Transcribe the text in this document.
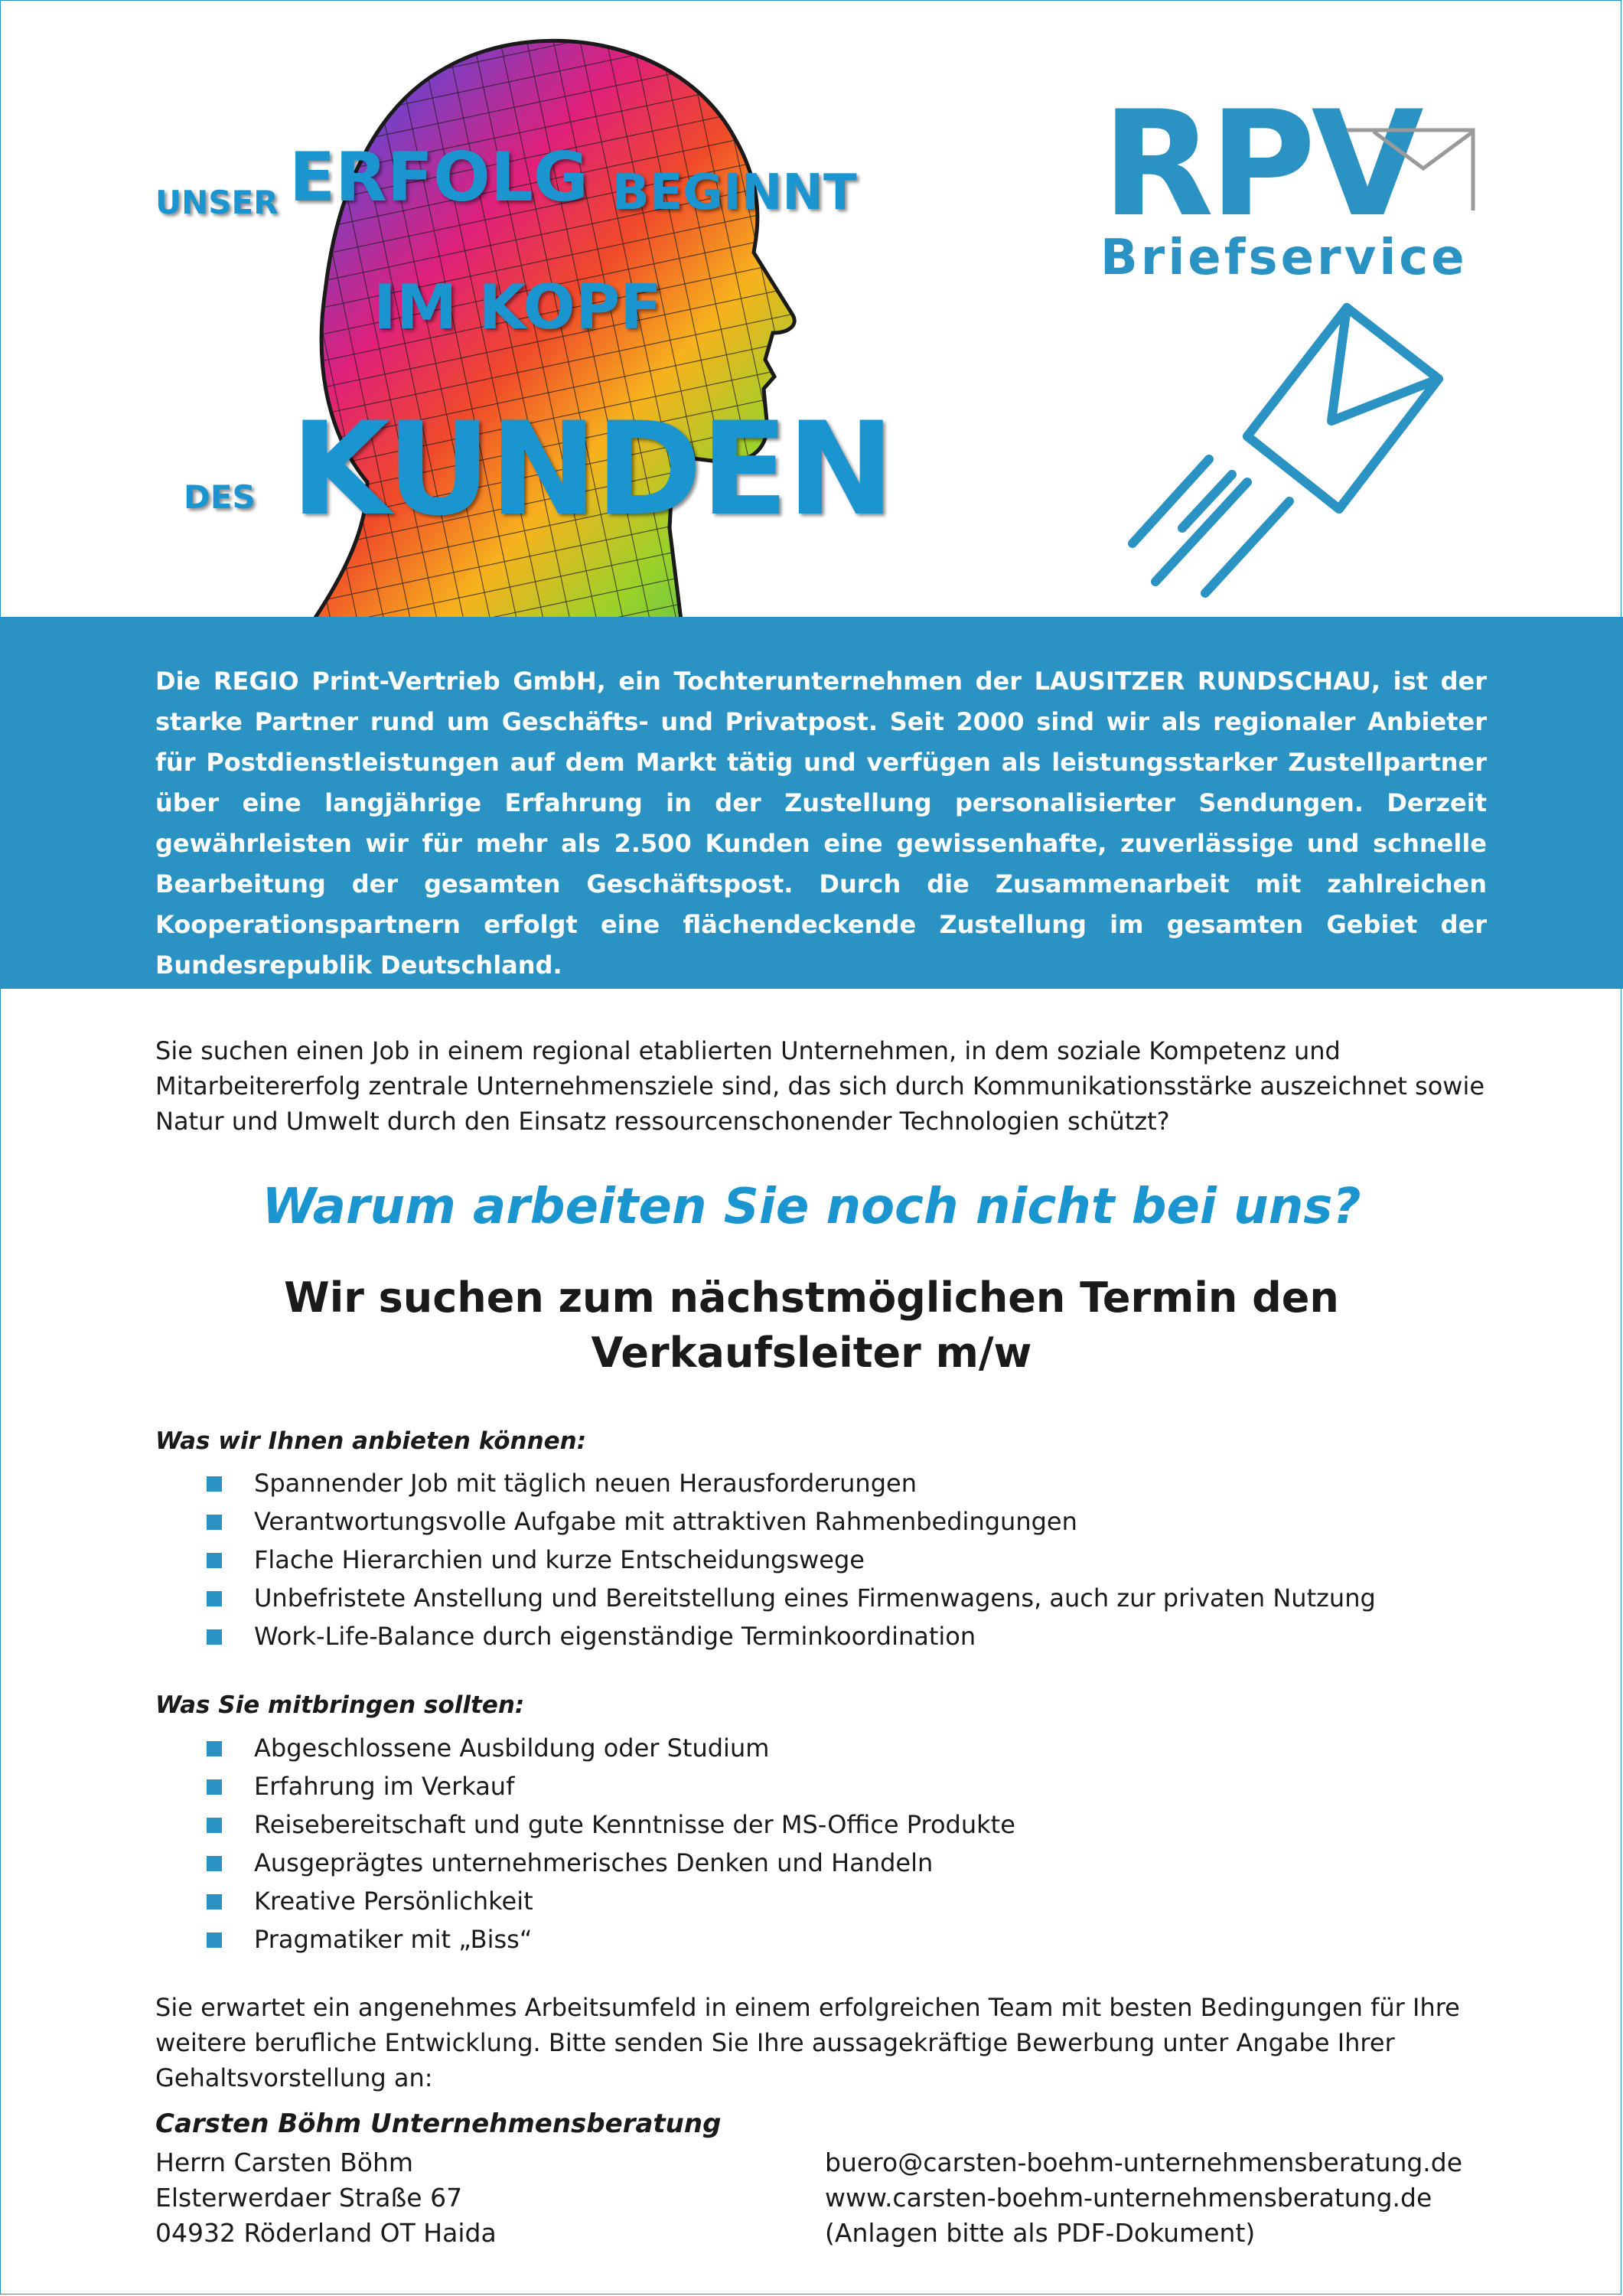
UNSER ERFOLG BEGINNT
IM KOPF
DES KUNDEN
RPV
Briefservice
Die REGIO Print-Vertrieb GmbH, ein Tochterunternehmen der LAUSITZER RUNDSCHAU, ist der starke Partner rund um Geschäfts- und Privatpost. Seit 2000 sind wir als regionaler Anbieter für Postdienstleistungen auf dem Markt tätig und verfügen als leistungsstarker Zustellpartner über eine langjährige Erfahrung in der Zustellung personalisierter Sendungen. Derzeit gewährleisten wir für mehr als 2.500 Kunden eine gewissenhafte, zuverlässige und schnelle Bearbeitung der gesamten Geschäftspost. Durch die Zusammenarbeit mit zahlreichen Kooperationspartnern erfolgt eine flächendeckende Zustellung im gesamten Gebiet der Bundesrepublik Deutschland.
Sie suchen einen Job in einem regional etablierten Unternehmen, in dem soziale Kompetenz und Mitarbeitererfolg zentrale Unternehmensziele sind, das sich durch Kommunikationsstärke auszeichnet sowie Natur und Umwelt durch den Einsatz ressourcenschonender Technologien schützt?
Warum arbeiten Sie noch nicht bei uns?
Wir suchen zum nächstmöglichen Termin den
Verkaufsleiter m/w
Was wir Ihnen anbieten können:
Spannender Job mit täglich neuen Herausforderungen
Verantwortungsvolle Aufgabe mit attraktiven Rahmenbedingungen
Flache Hierarchien und kurze Entscheidungswege
Unbefristete Anstellung und Bereitstellung eines Firmenwagens, auch zur privaten Nutzung
Work-Life-Balance durch eigenständige Terminkoordination
Was Sie mitbringen sollten:
Abgeschlossene Ausbildung oder Studium
Erfahrung im Verkauf
Reisebereitschaft und gute Kenntnisse der MS-Office Produkte
Ausgeprägtes unternehmerisches Denken und Handeln
Kreative Persönlichkeit
Pragmatiker mit „Biss“
Sie erwartet ein angenehmes Arbeitsumfeld in einem erfolgreichen Team mit besten Bedingungen für Ihre weitere berufliche Entwicklung. Bitte senden Sie Ihre aussagekräftige Bewerbung unter Angabe Ihrer Gehaltsvorstellung an:
Carsten Böhm Unternehmensberatung
Herrn Carsten Böhm
Elsterwerdaer Straße 67
04932 Röderland OT Haida
buero@carsten-boehm-unternehmensberatung.de
www.carsten-boehm-unternehmensberatung.de
(Anlagen bitte als PDF-Dokument)
